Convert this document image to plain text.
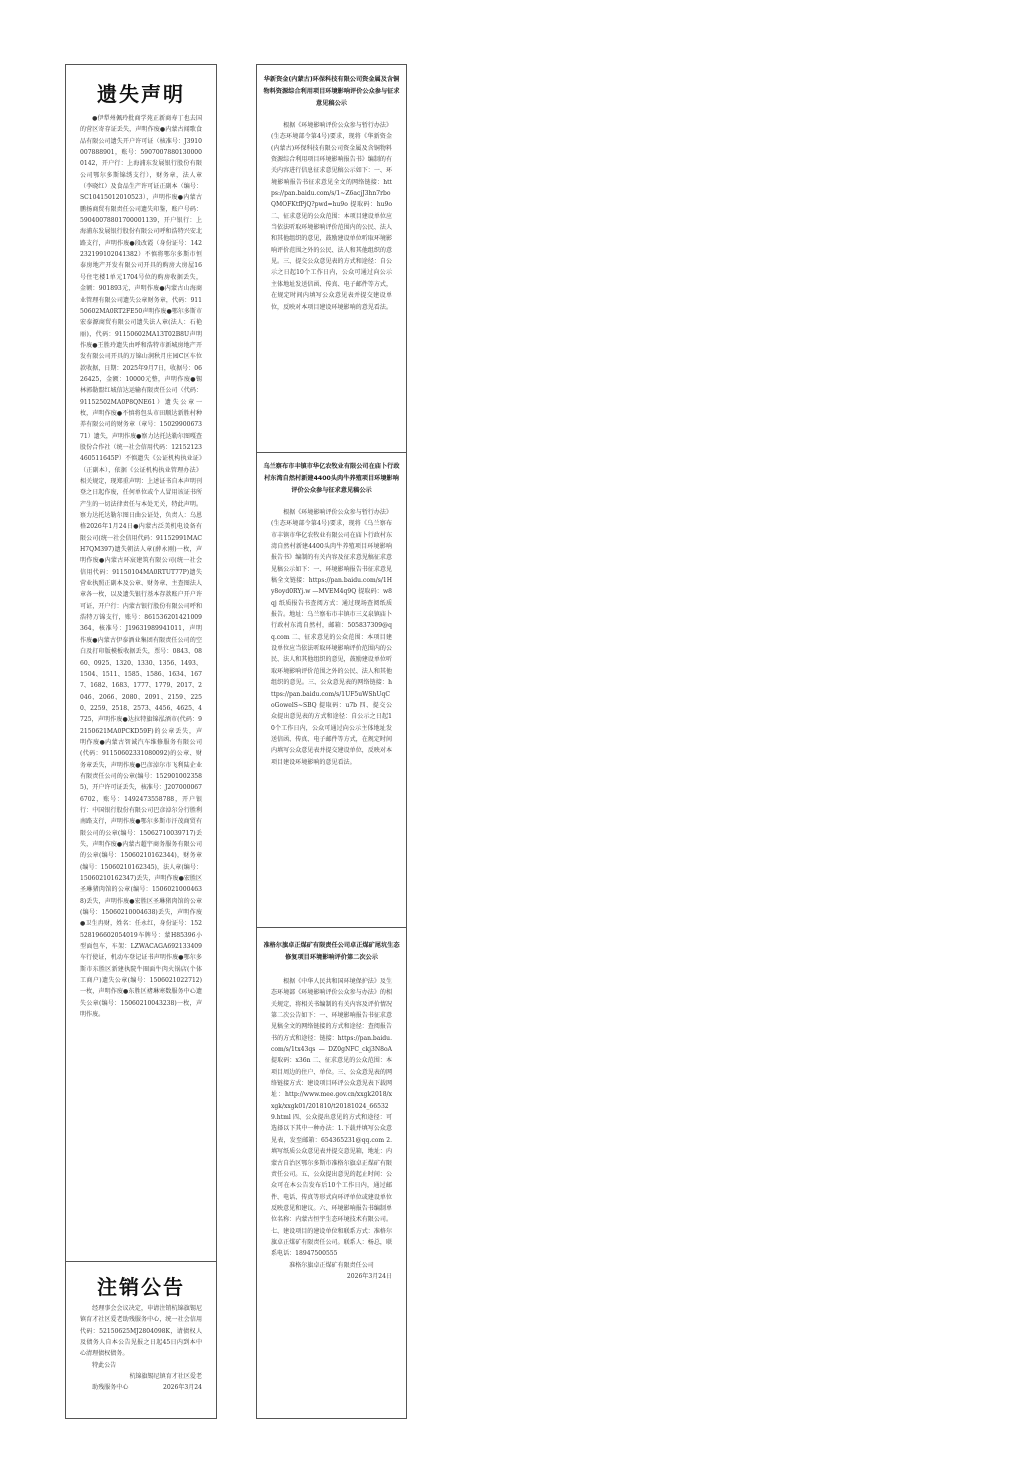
遗失声明

●伊犁州佩玲批商学苑正新商寿丁也去国的营区寄存证丢失，声明作废●内蒙古闻歌食品有限公司遗失开户许可证（核准号：J3910007888901，账号：59070078801300000142，开户行：上海浦东发展银行股份有限公司鄂尔多斯锦绣支行），财务章，法人章（李晓红）及食品生产许可证正副本（编号：SC10415012010523），声明作废●内蒙古鹏扬商贸有限责任公司遗失印鉴，账户号码：59040078801700001139，开户银行：上海浦东发展银行股份有限公司呼和浩特兴安北路支行，声明作废●段改霞（身份证号：142232199102041382）不慎将鄂尔多斯市恒泰房地产开发有限公司开具的购房大房屋16号住宅楼1单元1704号位的购房收据丢失，金额：901893元，声明作废●内蒙古山海商业管理有限公司遗失公章财务章，代码：91150602MA0RT2FE50声明作废●鄂尔多斯市宏泰源商贸有限公司遗失法人章(法人：石艳丽)，代码：91150602MA13T02B8U声明作废●王胜玲遗失由呼和浩特市新城房地产开发有限公司开具的万锦山润秋月庄园C区车位款收据，日期：2025年9月7日，收据号：0626425，金额：10000元整，声明作废●锡林郭勒盟红城信达运输有限责任公司（代码：91152502MA0P8QNE61）遗失公章一枚，声明作废●不慎将包头市田顺达新胜村种养有限公司的财务章（章号：1502990067371）遗失，声明作废●察力达托达勒尔图嘎查股份合作社（统一社会信用代码：12152123460511645P）不慎遗失《公证机构执业证》（正副本），依据《公证机构执业管理办法》相关规定，现郑重声明：上述证书自本声明刊登之日起作废，任何单位或个人冒用该证书所产生的一切法律责任与本处无关，特此声明。察力达托达勒尔图日曲公证处，负责人：乌恩格2026年1月24日●内蒙古泛美机电设备有限公司(统一社会信用代码：91152991MACH7QM397)遗失朝法人章(薛永刚)一枚，声明作废●内蒙古环宸建筑有限公司(统一社会信用代码：91150104MA0RTUT77P)遗失营业执照正副本及公章、财务章、主查图法人章各一枚，以及遗失银行基本存款账户开户许可证，开户行：内蒙古银行股份有限公司呼和浩特万锦支行，账号：861536201421009364，核准号：J19631989941011，声明作废●内蒙古伊泰酒业集团有限责任公司的空白及打印版模板收据丢失，票号：0843、0860、0925、1320、1330、1356、1493、1504、1511、1585、1586、1634、1677、1682、1683、1777、1779、2017、2046、2066、2080、2091、2159、2250、2259、2518、2573、4456、4625、4725，声明作废●达拉特旗锦泓酒市(代码：92150621MA0PCKD59F)的公章丢失，声明作废●内蒙古智诚汽车维修服务有限公司(代码：91150602331080092)的公章、财务章丢失，声明作废●巴彦淖尔市飞利陆企业有限责任公司的公章(编号：1529010023585)，开户许可证丢失，核准号：J2070000676702，账号：1492473558788，开户银行：中国银行股份有限公司巴彦淖尔分行胜利南路支行，声明作废●鄂尔多斯市汗茂商贸有限公司的公章(编号：15062710039717)丢失，声明作废●内蒙古超宇商务服务有限公司的公章(编号：15060210162344)，财务章(编号：15060210162345)，法人章(编号：15060210162347)丢失，声明作废●宏胜区圣琳猪肉馆的公章(编号：15060210004638)丢失，声明作废●宏胜区圣琳猪肉馆的公章(编号：15060210004638)丢失，声明作废●卫生冉财，姓名：任永红，身份证号：152528196602054019车牌号：蒙H85396小型面包车，车架：LZWACAGA692133409车行使证，机动车登记证书声明作废●鄂尔多斯市东胜区新建执院牛圈面牛肉火锅店(个体工商户)遗失公章(编号：1506021022712)一枚，声明作废●东胜区褚琳寒数服务中心遗失公章(编号：15060210043238)一枚，声明作废。

注销公告

经理事会会议决定，申请注销杭锦旗锡尼镇育才社区爱老助残服务中心，统一社会信用代码：52150625MJ2804098K，请债权人及债务人自本公告见报之日起45日内到本中心清理债权债务。

特此公告
杭锦旗锡尼镇育才社区爱老
助残服务中心	2026年3月24
华新资金(内蒙古)环保科技有限公司资金属及含铜物料资源综合利用项目环境影响评价公众参与征求意见稿公示

根据《环境影响评价公众参与暂行办法》(生态环境部令第4号)要求，现将《华新资金(内蒙古)环保科技有限公司资金属及含铜物料资源综合利用项目环境影响报告书》编制的有关内容进行信息征求意见稿公示如下：一、环境影响报告书征求意见全文的网络链接：https://pan.baidu.com/s/1~Z6acjJ3hn7rboQMOFKtfPjQ?pwd=hu9o 提取码：hu9o 二、征求意见的公众范围：本项目建设单位应当依法听取环境影响评价范围内的公民、法人和其他组织的意见，鼓励建设单位听取环境影响评价范围之外的公民、法人和其他组织的意见。三、提交公众意见表的方式和途径：自公示之日起10个工作日内，公众可通过向公示主体地址发送信函、传真、电子邮件等方式，在规定时间内填写公众意见表并提交建设单位，反映对本项目建设环境影响的意见看法。

乌兰察布市丰镇市华亿农牧业有限公司在庙卜行政村东湾自然村新建4400头肉牛养殖项目环境影响评价公众参与征求意见稿公示

根据《环境影响评价公众参与暂行办法》(生态环境部令第4号)要求，现将《乌兰察布市丰镇市华亿农牧业有限公司在庙卜行政村东湾自然村新建4400头肉牛养殖项目环境影响报告书》编制的有关内容及征求意见稿征求意见稿公示如下：一、环境影响报告书征求意见稿全文链接：https://pan.baidu.com/s/1Hy8oyd0RYj.w —MVEM4q9Q 提取码：w8qj 纸质报告书查阅方式：通过现场查阅纸质报告。地址：乌兰察布市丰镇市三义泉镇庙卜行政村东湾自然村，邮箱：505837309@qq.com 二、征求意见的公众范围：本项目建设单位应当依法听取环境影响评价范围内的公民、法人和其他组织的意见，鼓励建设单位听取环境影响评价范围之外的公民、法人和其他组织的意见。三、公众意见表的网络链接：https://pan.baidu.com/s/1UF5uWShUqCoGowelS~SBQ 提取码：u7b 四、提交公众提出意见表的方式和途径：自公示之日起10个工作日内，公众可通过向公示主体地址发送信函、传真、电子邮件等方式，在规定时间内填写公众意见表并提交建设单位，反映对本项目建设环境影响的意见看法。

准格尔旗卓正煤矿有限责任公司卓正煤矿尾坑生态修复项目环境影响评价第二次公示

根据《中华人民共和国环境保护法》及生态环境部《环境影响评价公众参与办法》的相关规定，将相关书编制的有关内容及评价情况第二次公告如下：一、环境影响报告书征求意见稿全文的网络链接的方式和途径：查阅报告书的方式和途径：链接：https://pan.baidu.com/s/1tx43qs — DZ0gNFC_ckj3N8oA 提取码：x36n 二、征求意见的公众范围：本项目周边的住户、单位。三、公众意见表的网络链接方式：建设项目环评公众意见表下载网址：http://www.mee.gov.cn/xxgk2018/xxgk/xxgk01/201810/t20181024_665329.html 四、公众提出意见的方式和途径：可选择以下其中一种办法：1.下载并填写公众意见表，发至邮箱：654365231@qq.com 2.填写纸质公众意见表并提交意见箱，地址：内蒙古自治区鄂尔多斯市准格尔旗卓正煤矿有限责任公司。五、公众提出意见的起止时间：公众可在本公告发布后10个工作日内，通过邮件、电话、传真等形式向环评单位或建设单位反映意见和建议。六、环境影响报告书编制单位名称：内蒙古恒宇生态环境技术有限公司。七、建设项目的建设单位和联系方式：准格尔旗卓正煤矿有限责任公司。联系人：杨总，联系电话：18947500555

准格尔旗卓正煤矿有限责任公司
2026年3月24日
